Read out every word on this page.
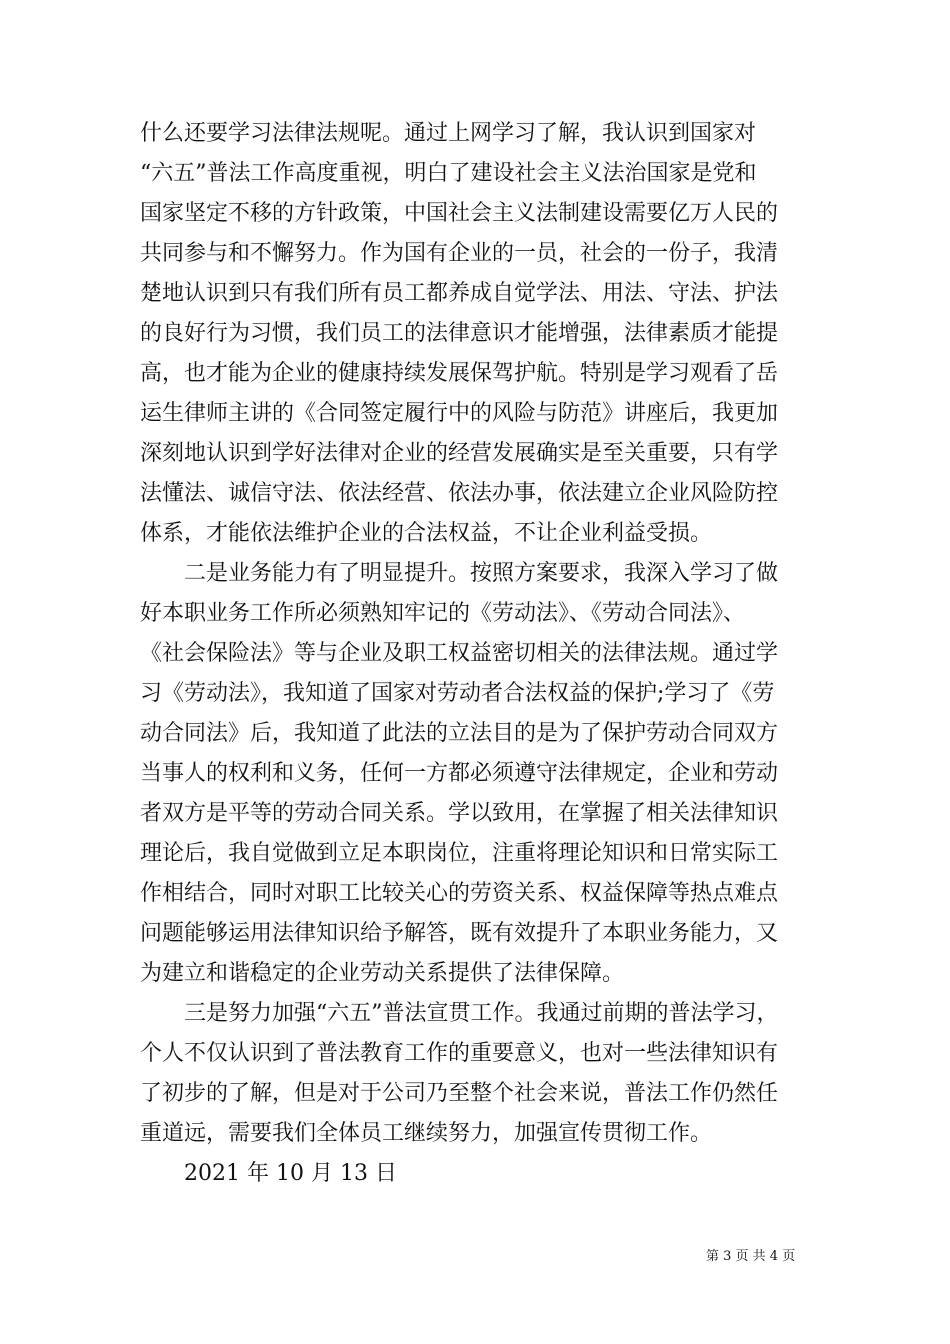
什么还要学习法律法规呢。通过上网学习了解，我认识到国家对
“六五”普法工作高度重视，明白了建设社会主义法治国家是党和
国家坚定不移的方针政策，中国社会主义法制建设需要亿万人民的
共同参与和不懈努力。作为国有企业的一员，社会的一份子，我清
楚地认识到只有我们所有员工都养成自觉学法、用法、守法、护法
的良好行为习惯，我们员工的法律意识才能增强，法律素质才能提
高，也才能为企业的健康持续发展保驾护航。特别是学习观看了岳
运生律师主讲的《合同签定履行中的风险与防范》讲座后，我更加
深刻地认识到学好法律对企业的经营发展确实是至关重要，只有学
法懂法、诚信守法、依法经营、依法办事，依法建立企业风险防控
体系，才能依法维护企业的合法权益，不让企业利益受损。
二是业务能力有了明显提升。按照方案要求，我深入学习了做
好本职业务工作所必须熟知牢记的《劳动法》、《劳动合同法》、
《社会保险法》等与企业及职工权益密切相关的法律法规。通过学
习《劳动法》，我知道了国家对劳动者合法权益的保护;学习了《劳
动合同法》后，我知道了此法的立法目的是为了保护劳动合同双方
当事人的权利和义务，任何一方都必须遵守法律规定，企业和劳动
者双方是平等的劳动合同关系。学以致用，在掌握了相关法律知识
理论后，我自觉做到立足本职岗位，注重将理论知识和日常实际工
作相结合，同时对职工比较关心的劳资关系、权益保障等热点难点
问题能够运用法律知识给予解答，既有效提升了本职业务能力，又
为建立和谐稳定的企业劳动关系提供了法律保障。
三是努力加强“六五”普法宣贯工作。我通过前期的普法学习，
个人不仅认识到了普法教育工作的重要意义，也对一些法律知识有
了初步的了解，但是对于公司乃至整个社会来说，普法工作仍然任
重道远，需要我们全体员工继续努力，加强宣传贯彻工作。
2021 年 10 月 13 日
第 3 页 共 4 页
